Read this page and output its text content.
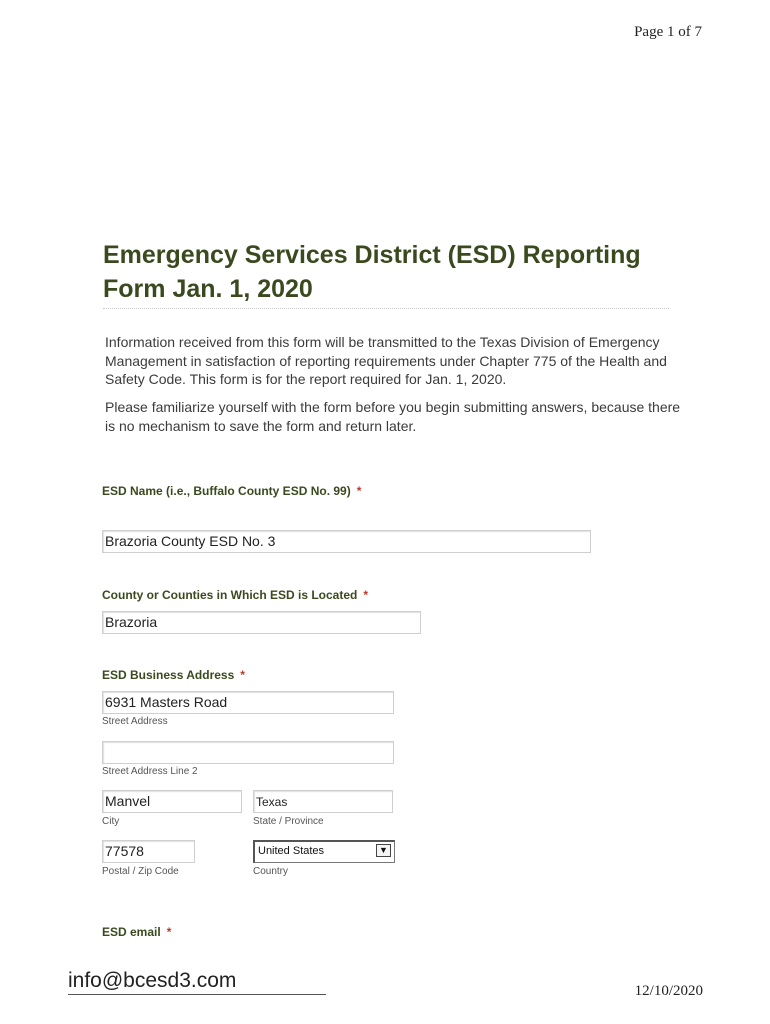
Page 1 of 7
Emergency Services District (ESD) Reporting Form Jan. 1, 2020

Information received from this form will be transmitted to the Texas Division of Emergency Management in satisfaction of reporting requirements under Chapter 775 of the Health and Safety Code. This form is for the report required for Jan. 1, 2020.

Please familiarize yourself with the form before you begin submitting answers, because there is no mechanism to save the form and return later.

ESD Name (i.e., Buffalo County ESD No. 99) *
Brazoria County ESD No. 3
County or Counties in Which ESD is Located *
Brazoria
ESD Business Address *
6931 Masters Road
Street Address
Street Address Line 2
Manvel
City
Texas
State / Province
77578
Postal / Zip Code
United States	▼
Country
ESD email *
info@bcesd3.com	12/10/2020
